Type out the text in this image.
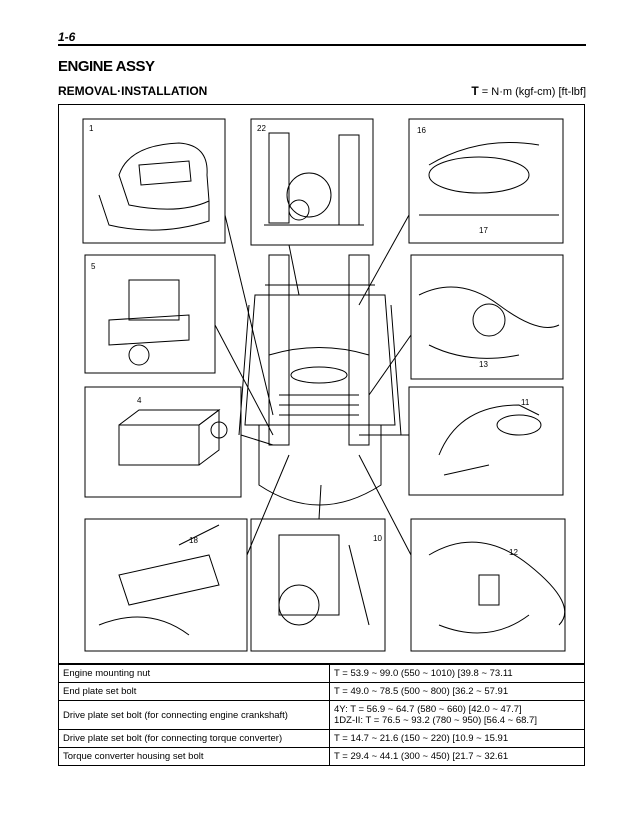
1-6
ENGINE ASSY
REMOVAL·INSTALLATION	T = N·m (kgf-cm) [ft-lbf]
1	22	16
17
5
13
4	11
18	10
12
Engine mounting nut	T = 53.9 ~ 99.0 (550 ~ 1010) [39.8 ~ 73.11
End plate set bolt	T = 49.0 ~ 78.5 (500 ~ 800) [36.2 ~ 57.91
Drive plate set bolt (for connecting engine crankshaft)	4Y: T = 56.9 ~ 64.7 (580 ~ 660) [42.0 ~ 47.7]
1DZ-II: T = 76.5 ~ 93.2 (780 ~ 950) [56.4 ~ 68.7]

Drive plate set bolt (for connecting torque converter)	T = 14.7 ~ 21.6 (150 ~ 220) [10.9 ~ 15.91
Torque converter housing set bolt	T = 29.4 ~ 44.1 (300 ~ 450) [21.7 ~ 32.61
